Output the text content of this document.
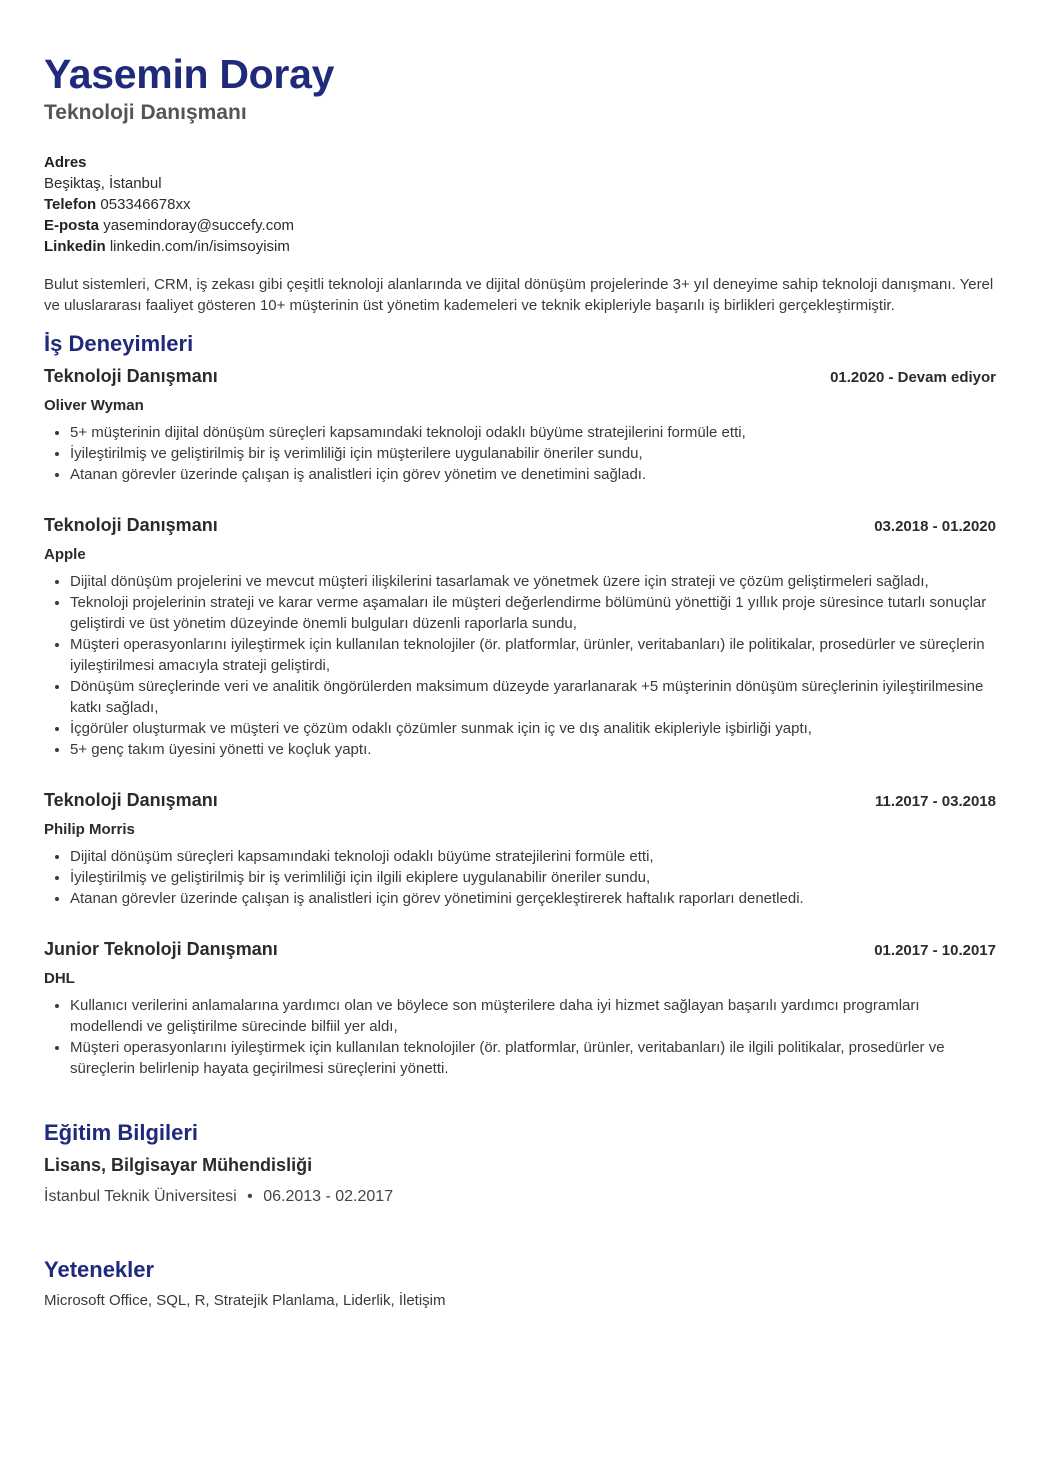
Yasemin Doray
Teknoloji Danışmanı
Adres
Beşiktaş, İstanbul
Telefon 053346678xx
E-posta yasemindoray@succefy.com
Linkedin linkedin.com/in/isimsoyisim
Bulut sistemleri, CRM, iş zekası gibi çeşitli teknoloji alanlarında ve dijital dönüşüm projelerinde 3+ yıl deneyime sahip teknoloji danışmanı. Yerel ve uluslararası faaliyet gösteren 10+ müşterinin üst yönetim kademeleri ve teknik ekipleriyle başarılı iş birlikleri gerçekleştirmiştir.
İş Deneyimleri
Teknoloji Danışmanı	01.2020 - Devam ediyor
Oliver Wyman
• 5+ müşterinin dijital dönüşüm süreçleri kapsamındaki teknoloji odaklı büyüme stratejilerini formüle etti,
• İyileştirilmiş ve geliştirilmiş bir iş verimliliği için müşterilere uygulanabilir öneriler sundu,
• Atanan görevler üzerinde çalışan iş analistleri için görev yönetim ve denetimini sağladı.
Teknoloji Danışmanı	03.2018 - 01.2020
Apple
• Dijital dönüşüm projelerini ve mevcut müşteri ilişkilerini tasarlamak ve yönetmek üzere için strateji ve çözüm geliştirmeleri sağladı,
• Teknoloji projelerinin strateji ve karar verme aşamaları ile müşteri değerlendirme bölümünü yönettiği 1 yıllık proje süresince tutarlı sonuçlar geliştirdi ve üst yönetim düzeyinde önemli bulguları düzenli raporlarla sundu,
• Müşteri operasyonlarını iyileştirmek için kullanılan teknolojiler (ör. platformlar, ürünler, veritabanları) ile politikalar, prosedürler ve süreçlerin iyileştirilmesi amacıyla strateji geliştirdi,
• Dönüşüm süreçlerinde veri ve analitik öngörülerden maksimum düzeyde yararlanarak +5 müşterinin dönüşüm süreçlerinin iyileştirilmesine katkı sağladı,
• İçgörüler oluşturmak ve müşteri ve çözüm odaklı çözümler sunmak için iç ve dış analitik ekipleriyle işbirliği yaptı,
• 5+ genç takım üyesini yönetti ve koçluk yaptı.
Teknoloji Danışmanı	11.2017 - 03.2018
Philip Morris
• Dijital dönüşüm süreçleri kapsamındaki teknoloji odaklı büyüme stratejilerini formüle etti,
• İyileştirilmiş ve geliştirilmiş bir iş verimliliği için ilgili ekiplere uygulanabilir öneriler sundu,
• Atanan görevler üzerinde çalışan iş analistleri için görev yönetimini gerçekleştirerek haftalık raporları denetledi.
Junior Teknoloji Danışmanı	01.2017 - 10.2017
DHL
• Kullanıcı verilerini anlamalarına yardımcı olan ve böylece son müşterilere daha iyi hizmet sağlayan başarılı yardımcı programları modellendi ve geliştirilme sürecinde bilfiil yer aldı,
• Müşteri operasyonlarını iyileştirmek için kullanılan teknolojiler (ör. platformlar, ürünler, veritabanları) ile ilgili politikalar, prosedürler ve süreçlerin belirlenip hayata geçirilmesi süreçlerini yönetti.
Eğitim Bilgileri
Lisans, Bilgisayar Mühendisliği
İstanbul Teknik Üniversitesi • 06.2013 - 02.2017
Yetenekler
Microsoft Office, SQL, R, Stratejik Planlama, Liderlik, İletişim
